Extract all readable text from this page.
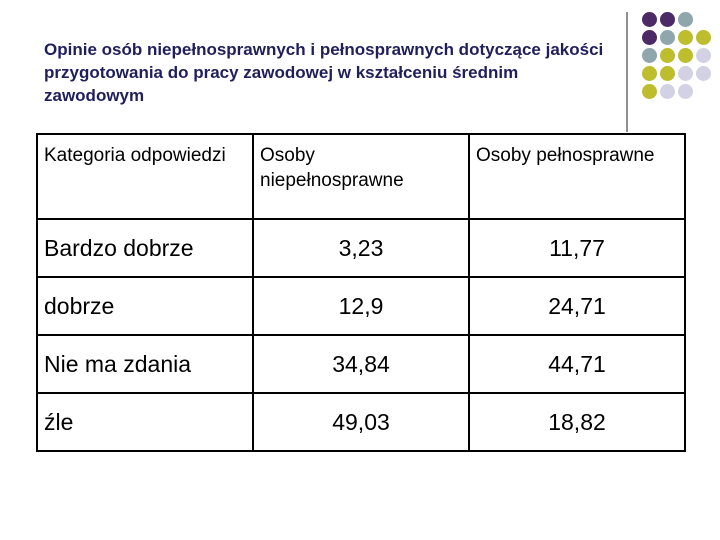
Opinie osób niepełnosprawnych i pełnosprawnych dotyczące jakości przygotowania do pracy zawodowej w kształceniu średnim zawodowym
Kategoria odpowiedzi	Osoby niepełnosprawne	Osoby pełnosprawne
Bardzo dobrze	3,23	11,77
dobrze	12,9	24,71
Nie ma zdania	34,84	44,71
źle	49,03	18,82
